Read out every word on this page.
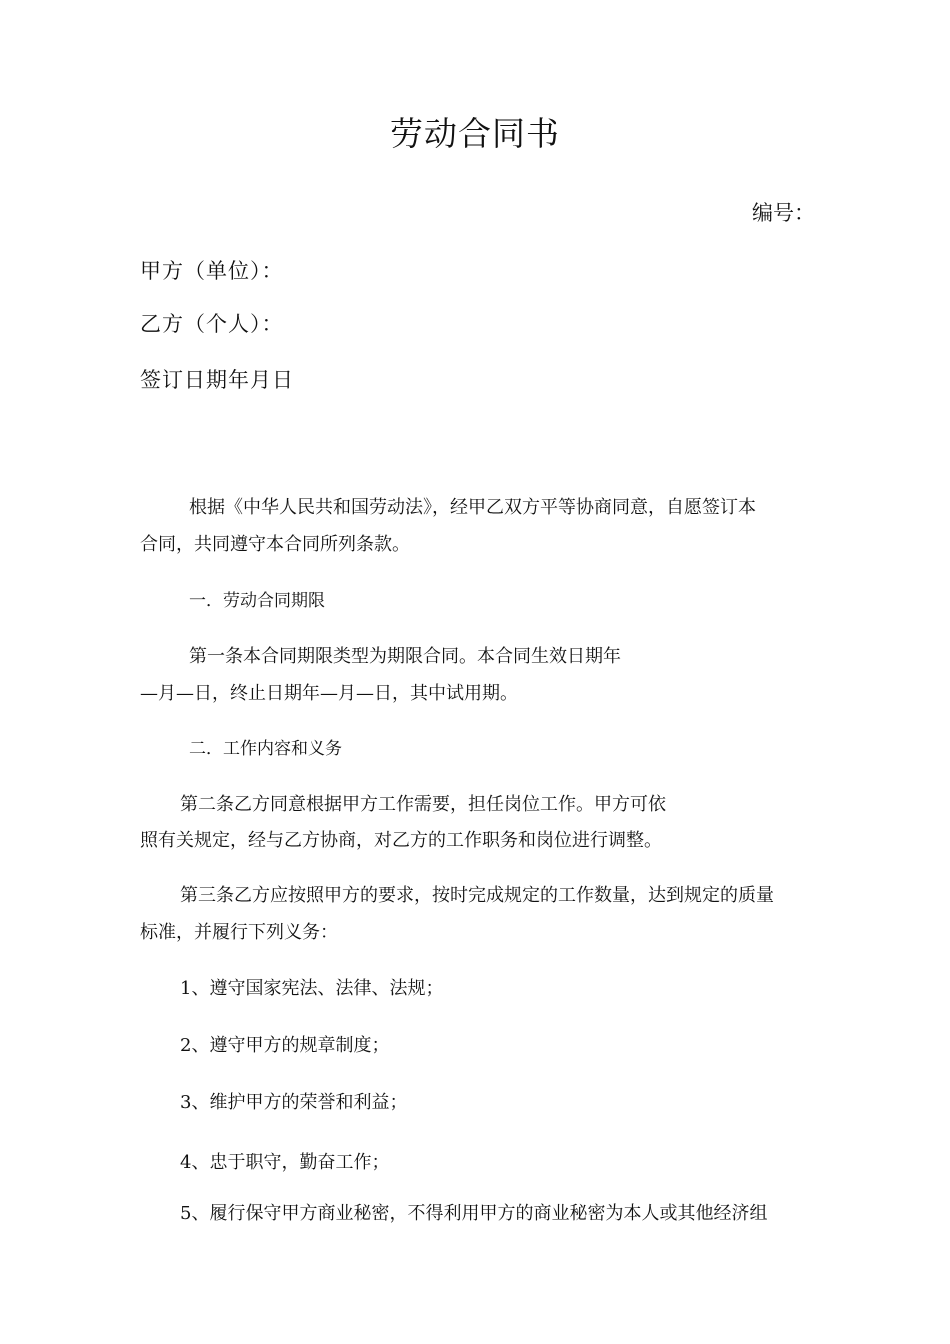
劳动合同书
编号：
甲方（单位）：
乙方（个人）：
签订日期年月日
根据《中华人民共和国劳动法》，经甲乙双方平等协商同意，自愿签订本
合同，共同遵守本合同所列条款。
一．劳动合同期限
第一条本合同期限类型为期限合同。本合同生效日期年
—月—日，终止日期年—月—日，其中试用期。
二．工作内容和义务
第二条乙方同意根据甲方工作需要，担任岗位工作。甲方可依
照有关规定，经与乙方协商，对乙方的工作职务和岗位进行调整。
第三条乙方应按照甲方的要求，按时完成规定的工作数量，达到规定的质量
标准，并履行下列义务：
1、遵守国家宪法、法律、法规；
2、遵守甲方的规章制度；
3、维护甲方的荣誉和利益；
4、忠于职守，勤奋工作；
5、履行保守甲方商业秘密，不得利用甲方的商业秘密为本人或其他经济组
